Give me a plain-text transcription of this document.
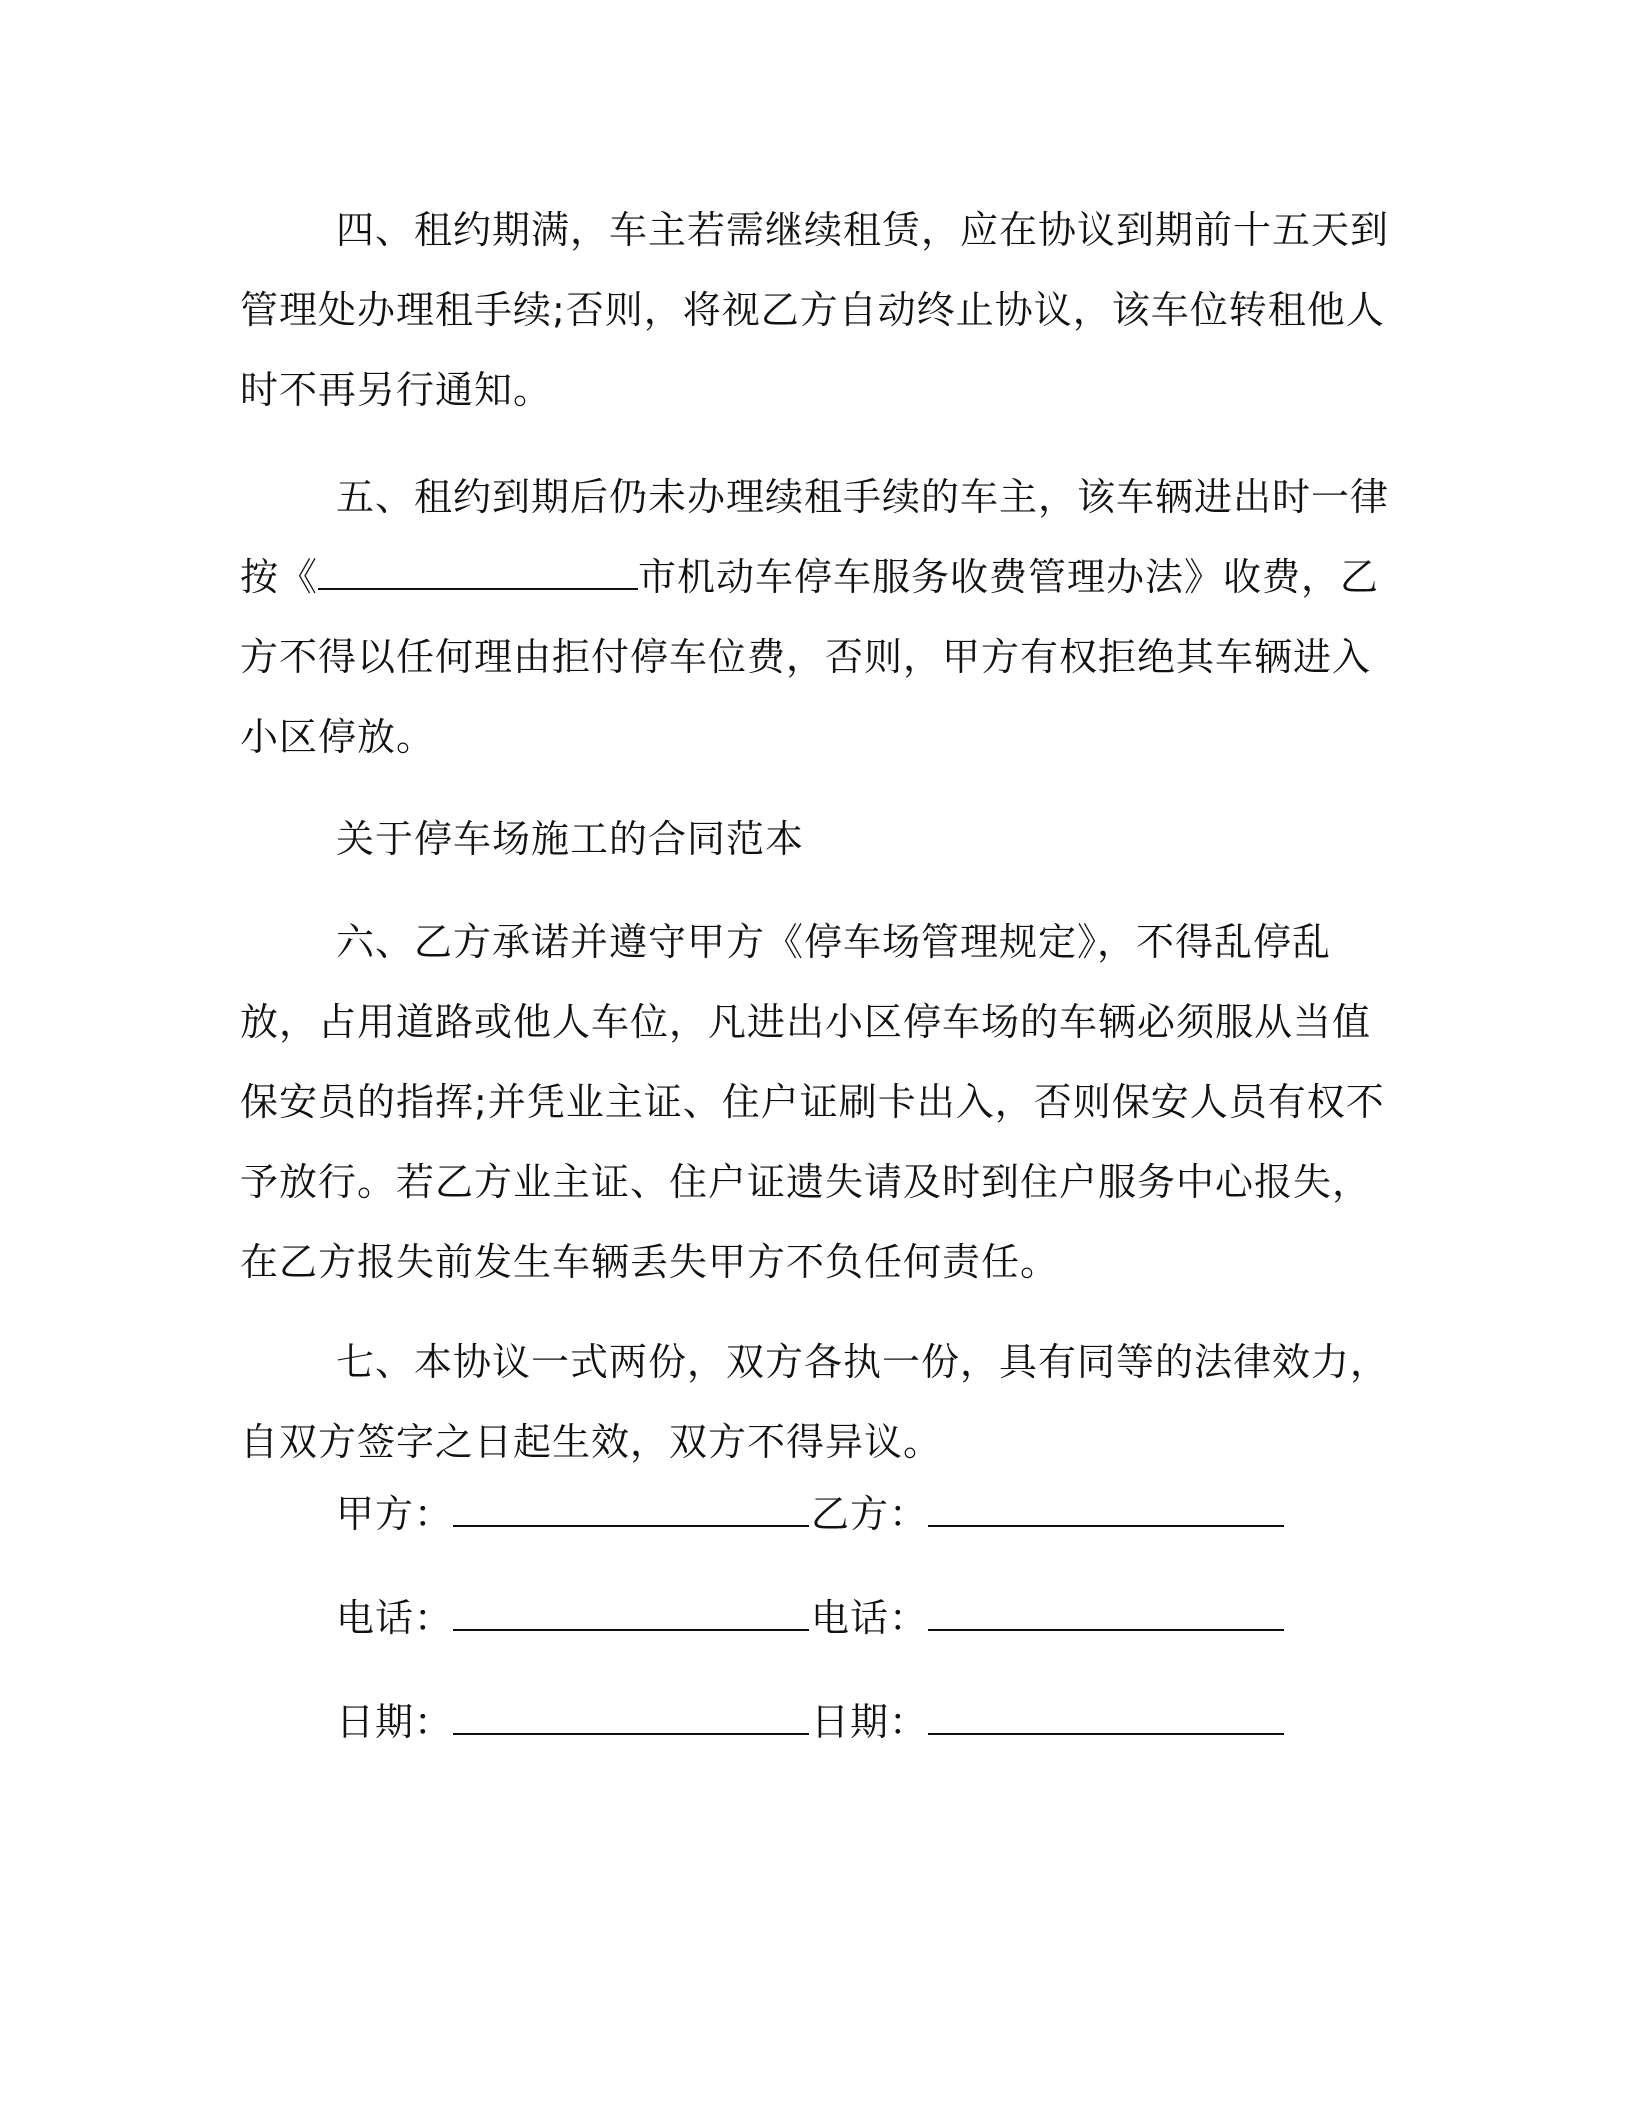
四、租约期满，车主若需继续租赁，应在协议到期前十五天到管理处办理租手续;否则，将视乙方自动终止协议，该车位转租他人时不再另行通知。

五、租约到期后仍未办理续租手续的车主，该车辆进出时一律按《	市机动车停车服务收费管理办法》收费，乙方不得以任何理由拒付停车位费，否则，甲方有权拒绝其车辆进入小区停放。

关于停车场施工的合同范本

六、乙方承诺并遵守甲方《停车场管理规定》，不得乱停乱放，占用道路或他人车位，凡进出小区停车场的车辆必须服从当值保安员的指挥;并凭业主证、住户证刷卡出入，否则保安人员有权不予放行。若乙方业主证、住户证遗失请及时到住户服务中心报失，在乙方报失前发生车辆丢失甲方不负任何责任。

七、本协议一式两份，双方各执一份，具有同等的法律效力，自双方签字之日起生效，双方不得异议。

甲方：	乙方：
电话：	电话：
日期：	日期：
